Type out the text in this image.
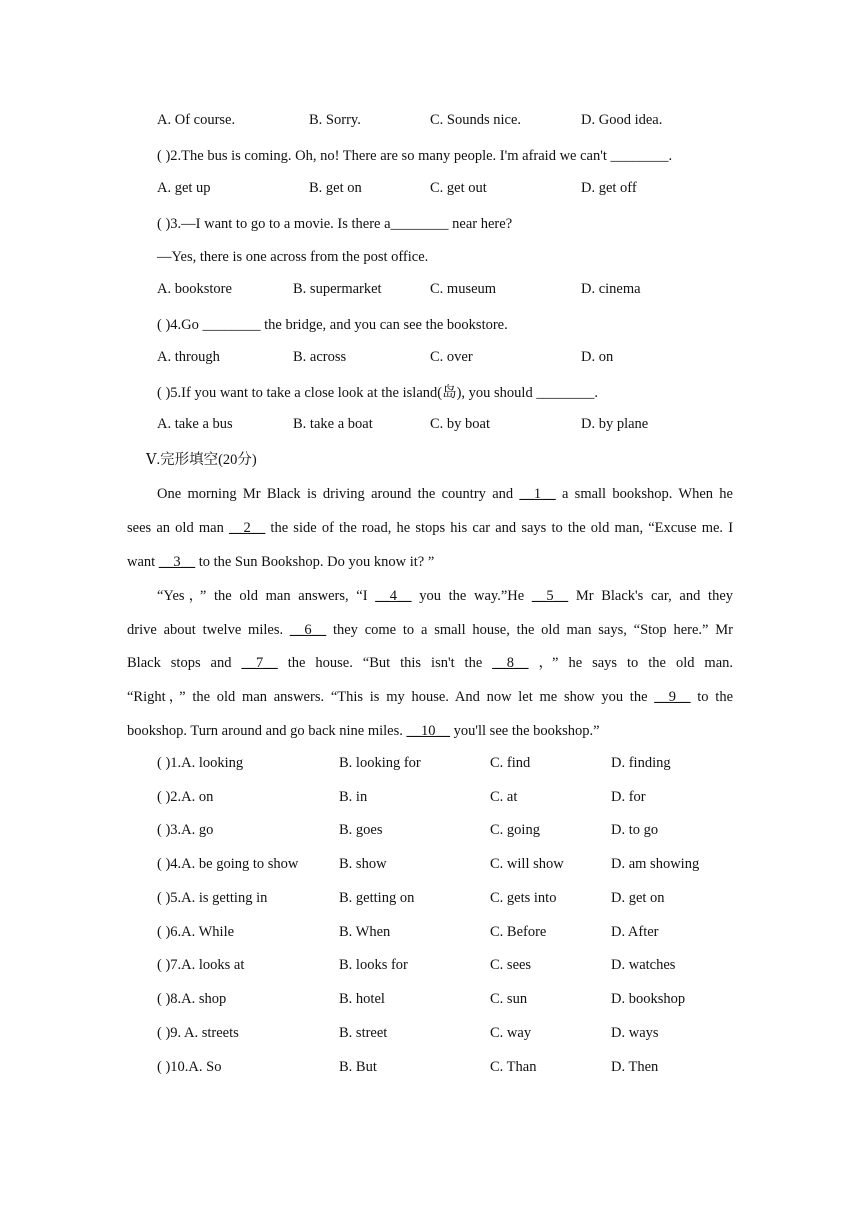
A. Of course.	B. Sorry.	C. Sounds nice.	D. Good idea.
( )2.The bus is coming. Oh, no! There are so many people. I'm afraid we can't ________.
A. get up	B. get on	C. get out	D. get off
( )3.—I want to go to a movie. Is there a________ near here?
—Yes, there is one across from the post office.
A. bookstore	B. supermarket	C. museum	D. cinema
( )4.Go ________ the bridge, and you can see the bookstore.
A. through	B. across	C. over	D. on
( )5.If you want to take a close look at the island(岛), you should ________.
A. take a bus	B. take a boat	C. by boat	D. by plane
Ⅴ.完形填空(20分)
One morning Mr Black is driving around the country and __1__ a small bookshop. When he
sees an old man __2__ the side of the road, he stops his car and says to the old man, “Excuse me. I
want __3__ to the Sun Bookshop. Do you know it? ”
“Yes，” the old man answers, “I __4__ you the way.”He __5__ Mr Black's car, and they
drive about twelve miles. __6__ they come to a small house, the old man says, “Stop here.” Mr
Black stops and __7__ the house. “But this isn't the __8__ ，” he says to the old man.
“Right，” the old man answers. “This is my house. And now let me show you the __9__ to the
bookshop. Turn around and go back nine miles. __10__ you'll see the bookshop.”
( )1.A. looking	B. looking for	C. find	D. finding
( )2.A. on	B. in	C. at	D. for
( )3.A. go	B. goes	C. going	D. to go
( )4.A. be going to show	B. show	C. will show	D. am showing
( )5.A. is getting in	B. getting on	C. gets into	D. get on
( )6.A. While	B. When	C. Before	D. After
( )7.A. looks at	B. looks for	C. sees	D. watches
( )8.A. shop	B. hotel	C. sun	D. bookshop
( )9. A. streets	B. street	C. way	D. ways
( )10.A. So	B. But	C. Than	D. Then
